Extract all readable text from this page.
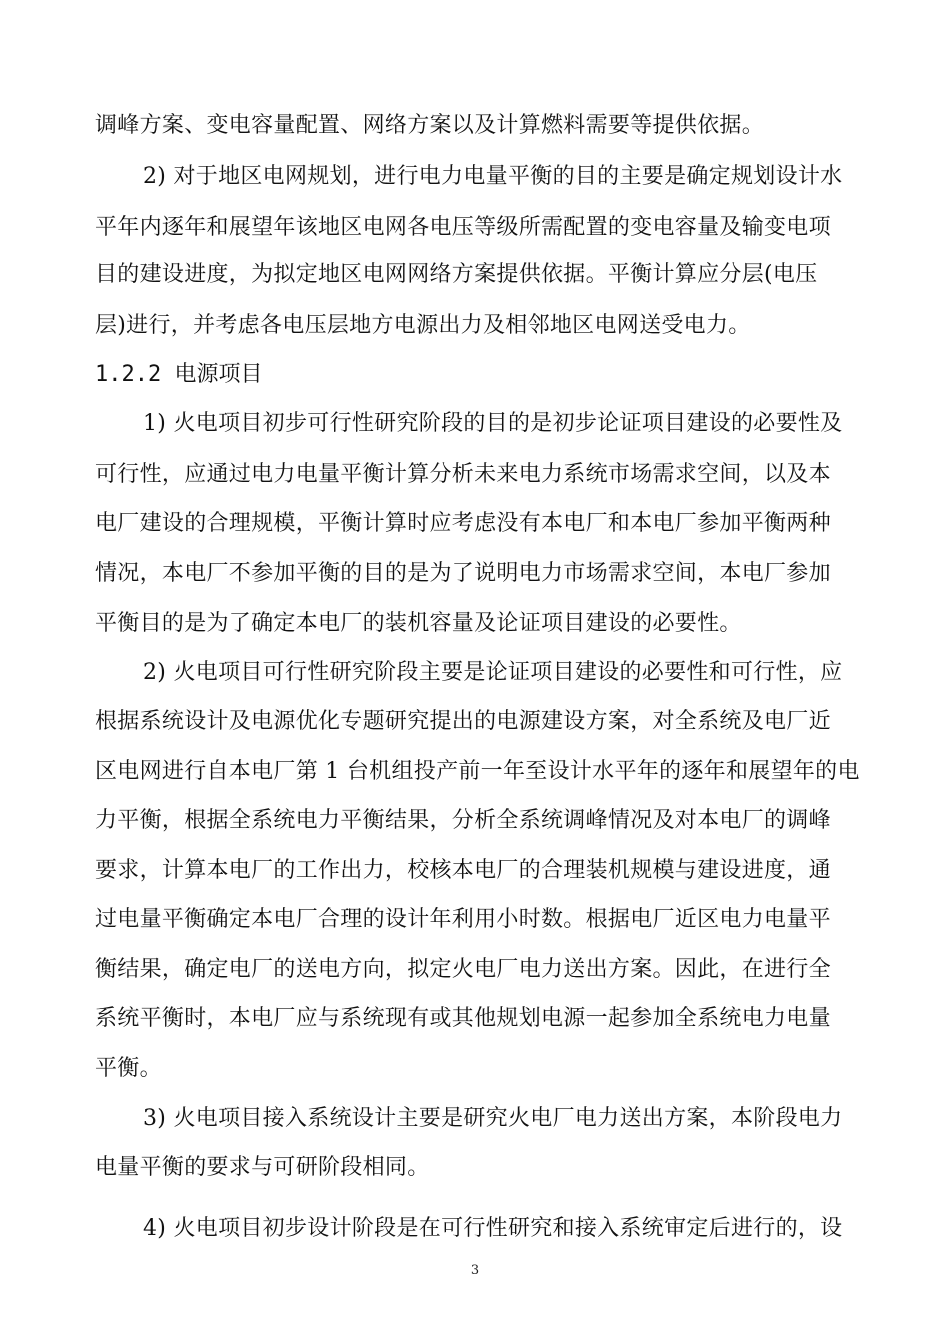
调峰方案、变电容量配置、网络方案以及计算燃料需要等提供依据。
2) 对于地区电网规划，进行电力电量平衡的目的主要是确定规划设计水
平年内逐年和展望年该地区电网各电压等级所需配置的变电容量及输变电项
目的建设进度，为拟定地区电网网络方案提供依据。平衡计算应分层(电压
层)进行，并考虑各电压层地方电源出力及相邻地区电网送受电力。
1.2.2 电源项目
1) 火电项目初步可行性研究阶段的目的是初步论证项目建设的必要性及
可行性，应通过电力电量平衡计算分析未来电力系统市场需求空间，以及本
电厂建设的合理规模，平衡计算时应考虑没有本电厂和本电厂参加平衡两种
情况，本电厂不参加平衡的目的是为了说明电力市场需求空间，本电厂参加
平衡目的是为了确定本电厂的装机容量及论证项目建设的必要性。
2) 火电项目可行性研究阶段主要是论证项目建设的必要性和可行性，应
根据系统设计及电源优化专题研究提出的电源建设方案，对全系统及电厂近
区电网进行自本电厂第 1 台机组投产前一年至设计水平年的逐年和展望年的电
力平衡，根据全系统电力平衡结果，分析全系统调峰情况及对本电厂的调峰
要求，计算本电厂的工作出力，校核本电厂的合理装机规模与建设进度，通
过电量平衡确定本电厂合理的设计年利用小时数。根据电厂近区电力电量平
衡结果，确定电厂的送电方向，拟定火电厂电力送出方案。因此，在进行全
系统平衡时，本电厂应与系统现有或其他规划电源一起参加全系统电力电量
平衡。
3) 火电项目接入系统设计主要是研究火电厂电力送出方案，本阶段电力
电量平衡的要求与可研阶段相同。
4) 火电项目初步设计阶段是在可行性研究和接入系统审定后进行的，设
3
